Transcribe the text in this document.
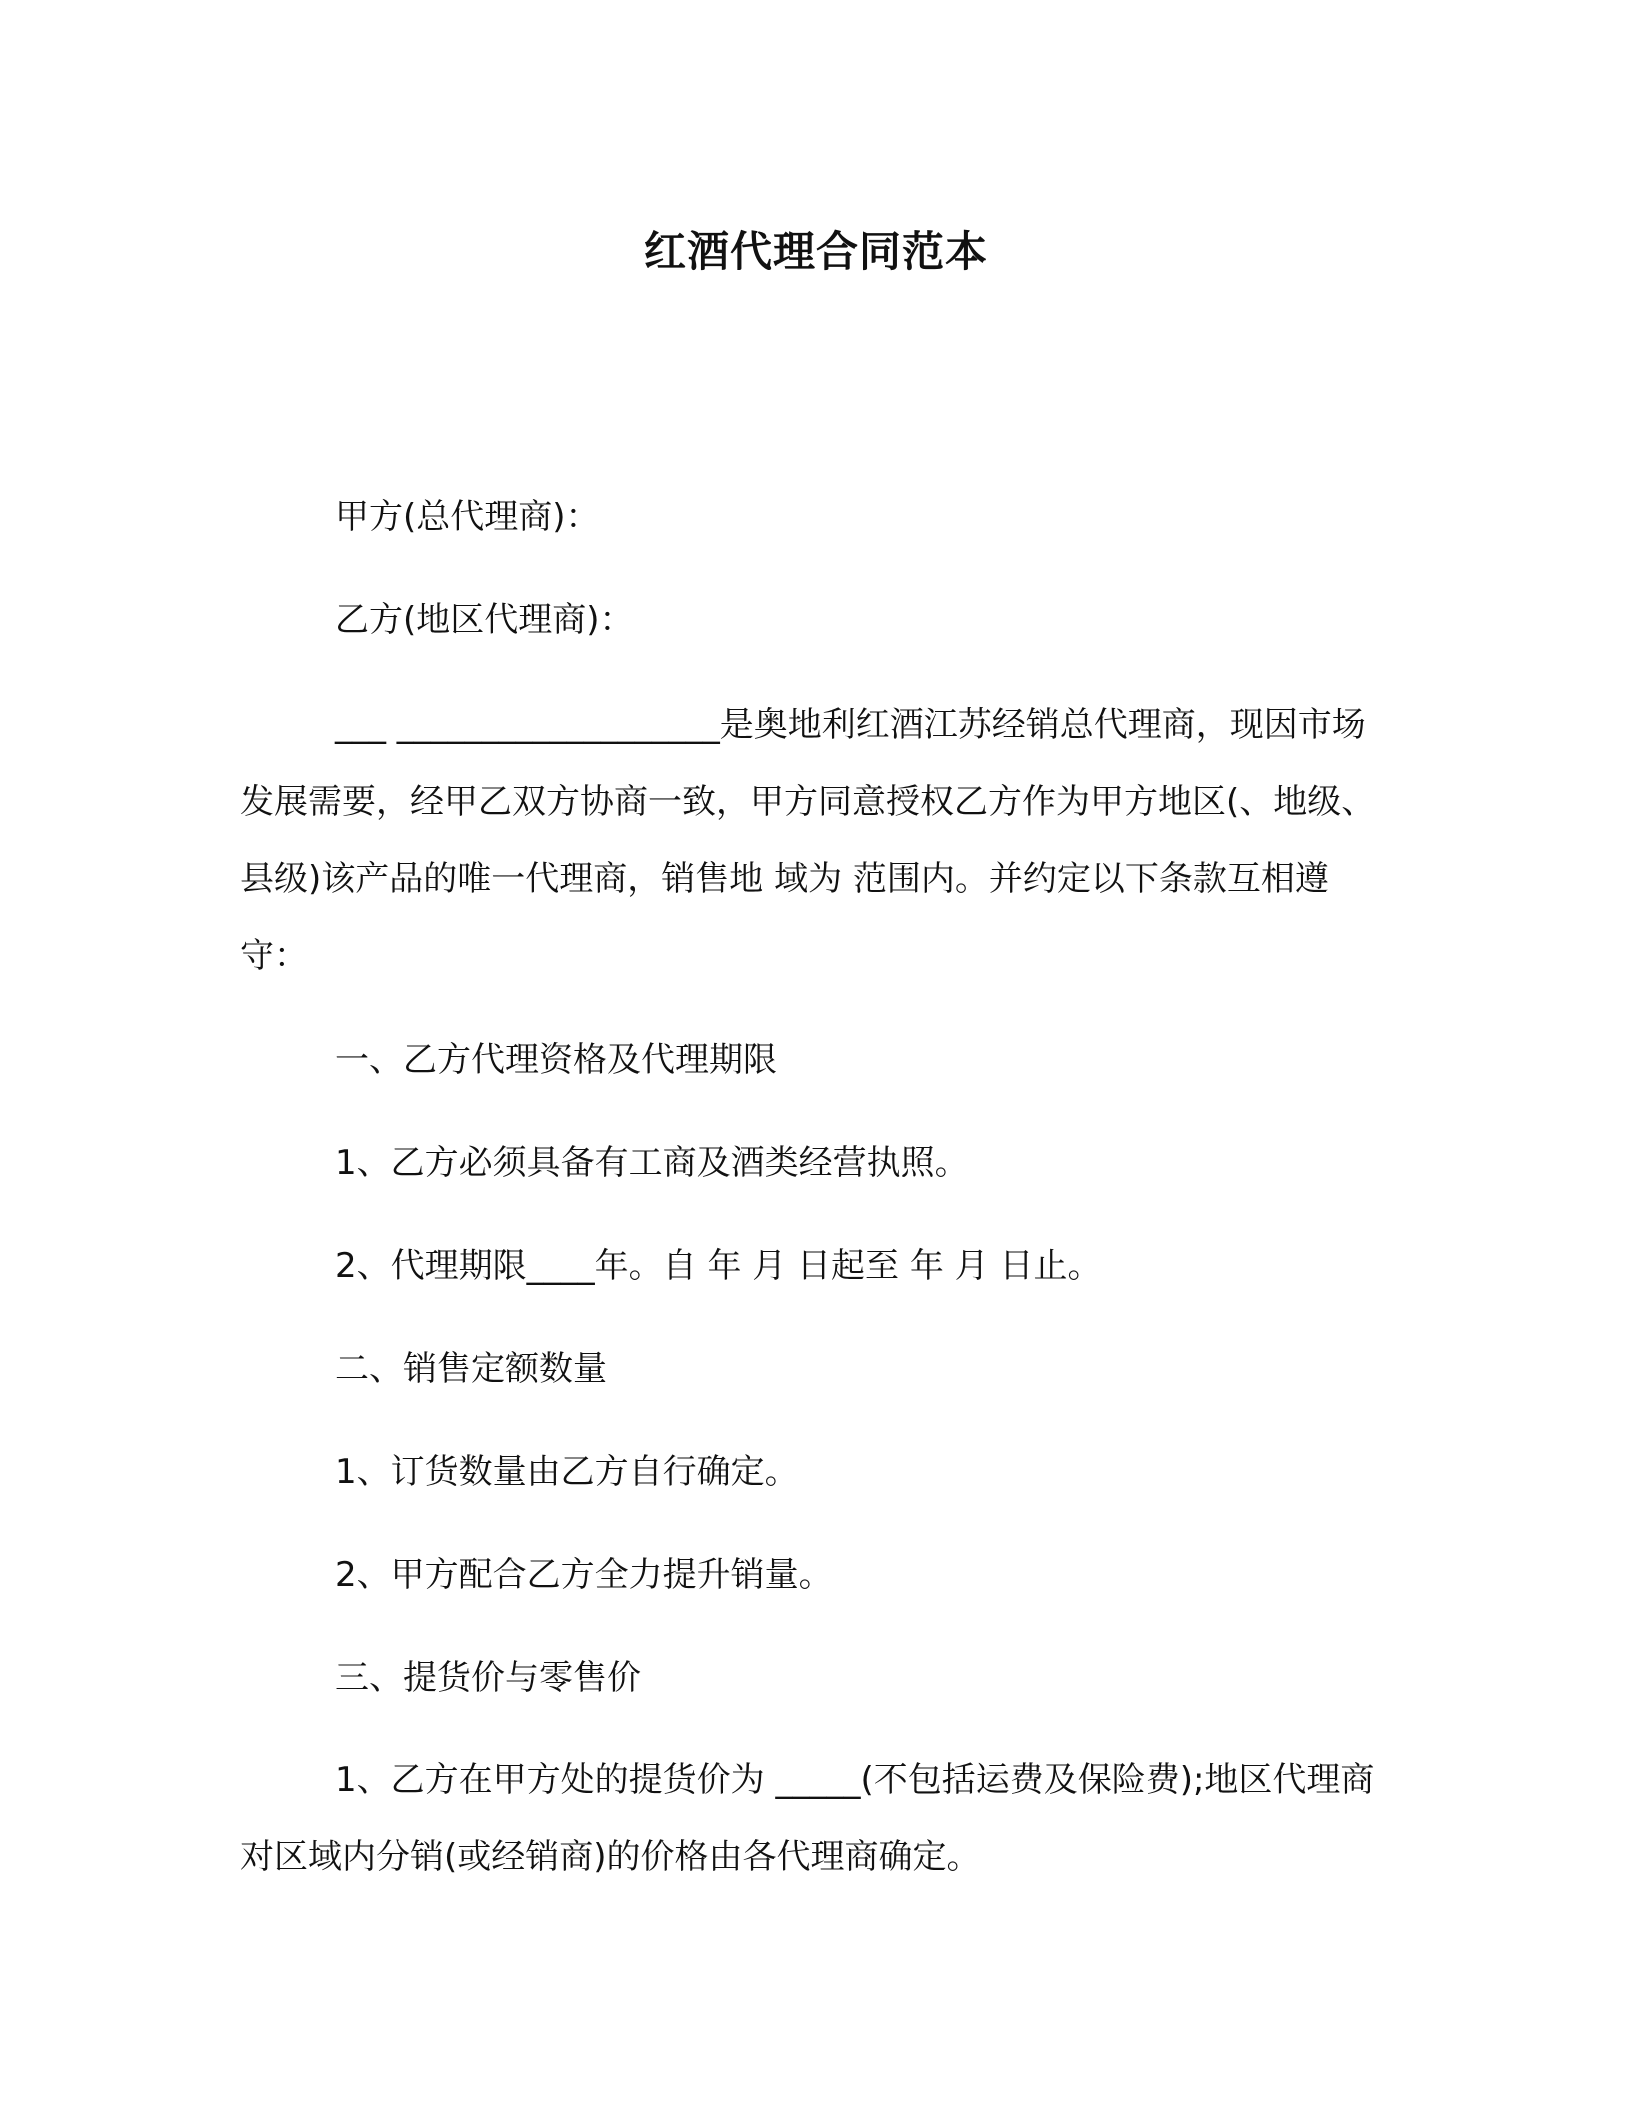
红酒代理合同范本
甲方(总代理商)：
乙方(地区代理商)：

___ ___________________是奥地利红酒江苏经销总代理商，现因市场发展需要，经甲乙双方协商一致，甲方同意授权乙方作为甲方地区(、地级、县级)该产品的唯一代理商，销售地 域为 范围内。并约定以下条款互相遵守：

一、乙方代理资格及代理期限
1、乙方必须具备有工商及酒类经营执照。
2、代理期限____年。自 年 月 日起至 年 月 日止。
二、销售定额数量
1、订货数量由乙方自行确定。
2、甲方配合乙方全力提升销量。
三、提货价与零售价

1、乙方在甲方处的提货价为 _____(不包括运费及保险费);地区代理商对区域内分销(或经销商)的价格由各代理商确定。
